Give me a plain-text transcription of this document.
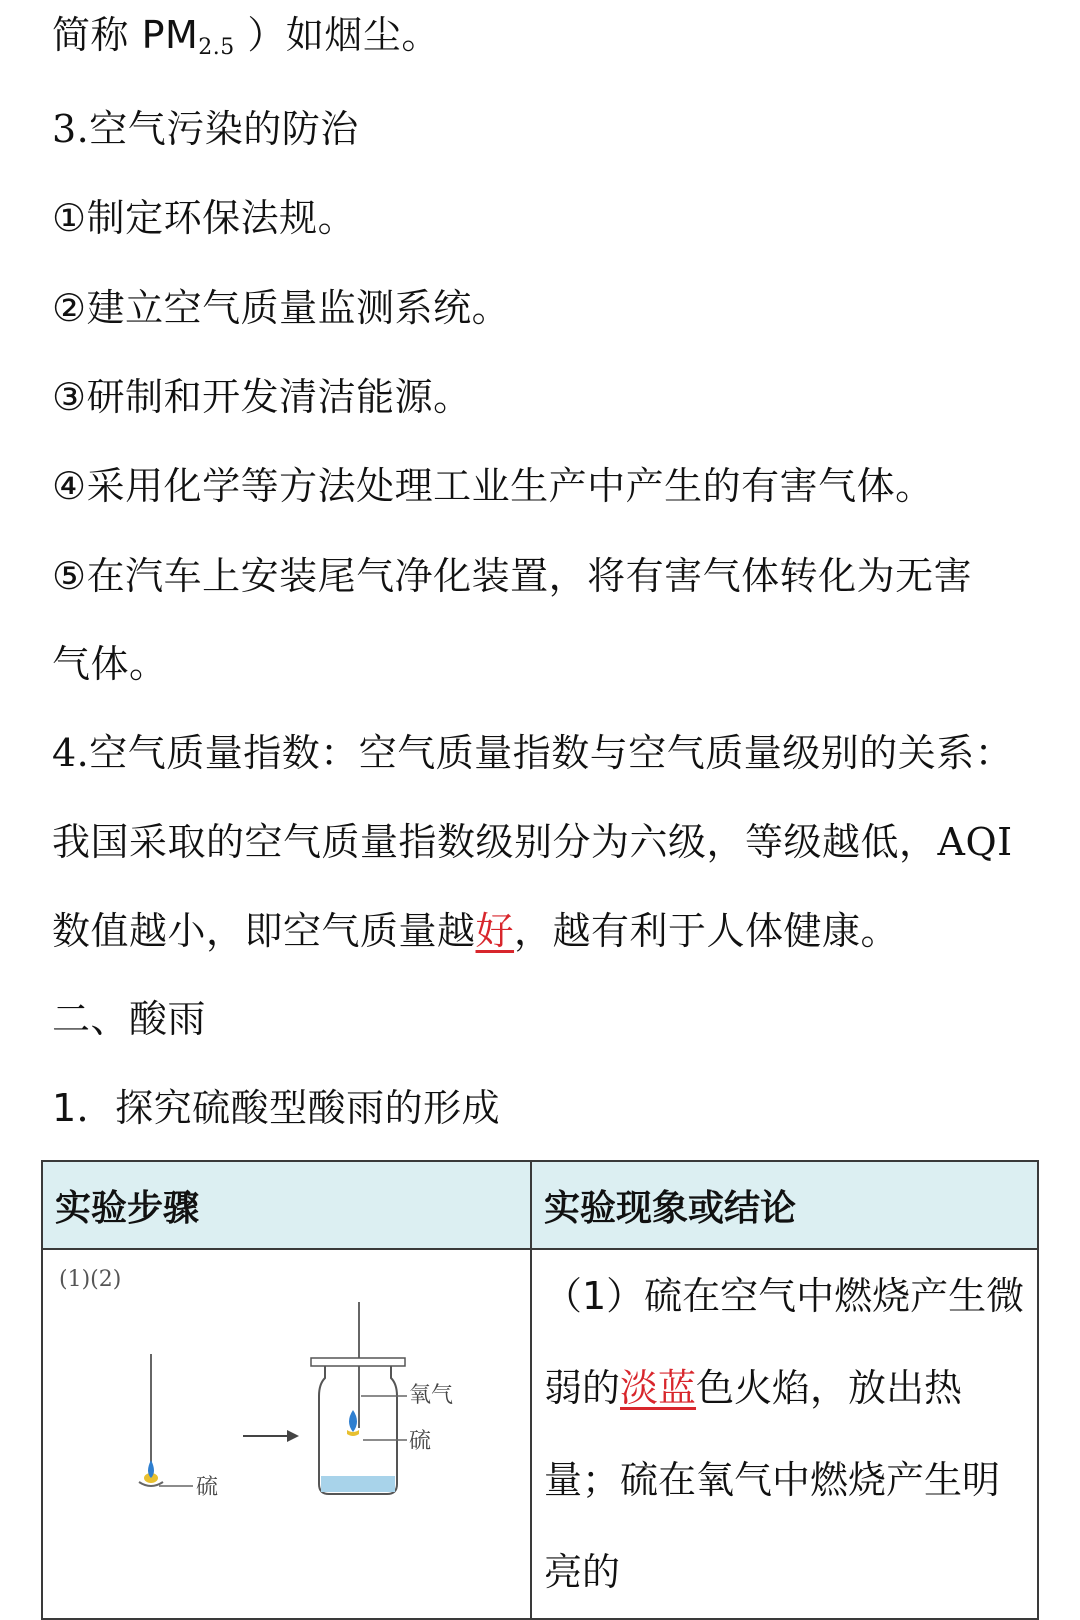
简称 PM2.5 ）如烟尘。
3.空气污染的防治
①制定环保法规。
②建立空气质量监测系统。
③研制和开发清洁能源。
④采用化学等方法处理工业生产中产生的有害气体。
⑤在汽车上安装尾气净化装置，将有害气体转化为无害
气体。
4.空气质量指数：空气质量指数与空气质量级别的关系：
我国采取的空气质量指数级别分为六级，等级越低，AQI
数值越小，即空气质量越好，越有利于人体健康。
二、酸雨
1．探究硫酸型酸雨的形成
实验步骤	实验现象或结论

(1)(2)
硫
氧气
硫	（1）硫在空气中燃烧产生微弱的淡蓝色火焰，放出热量；硫在氧气中燃烧产生明亮的
